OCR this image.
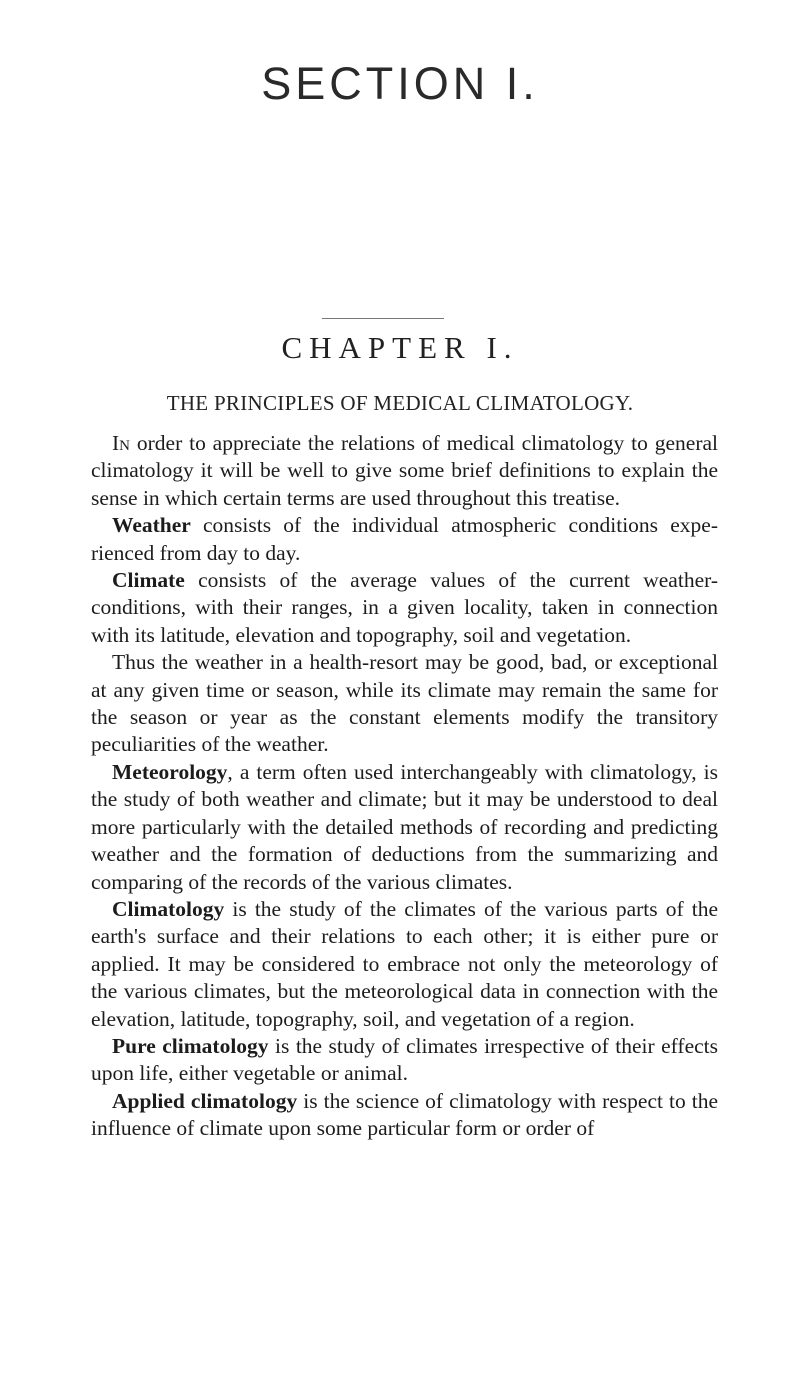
SECTION I.
CHAPTER I.
THE PRINCIPLES OF MEDICAL CLIMATOLOGY.

In order to appreciate the relations of medical climatology to general climatology it will be well to give some brief definitions to explain the sense in which certain terms are used throughout this treatise.

Weather consists of the individual atmospheric conditions experienced from day to day.

Climate consists of the average values of the current weather-conditions, with their ranges, in a given locality, taken in connection with its latitude, elevation and topography, soil and vegetation.

Thus the weather in a health-resort may be good, bad, or exceptional at any given time or season, while its climate may remain the same for the season or year as the constant elements modify the transitory peculiarities of the weather.

Meteorology, a term often used interchangeably with climatology, is the study of both weather and climate; but it may be understood to deal more particularly with the detailed methods of recording and predicting weather and the formation of deductions from the summarizing and comparing of the records of the various climates.

Climatology is the study of the climates of the various parts of the earth's surface and their relations to each other; it is either pure or applied. It may be considered to embrace not only the meteorology of the various climates, but the meteorological data in connection with the elevation, latitude, topography, soil, and vegetation of a region.

Pure climatology is the study of climates irrespective of their effects upon life, either vegetable or animal.

Applied climatology is the science of climatology with respect to the influence of climate upon some particular form or order of
